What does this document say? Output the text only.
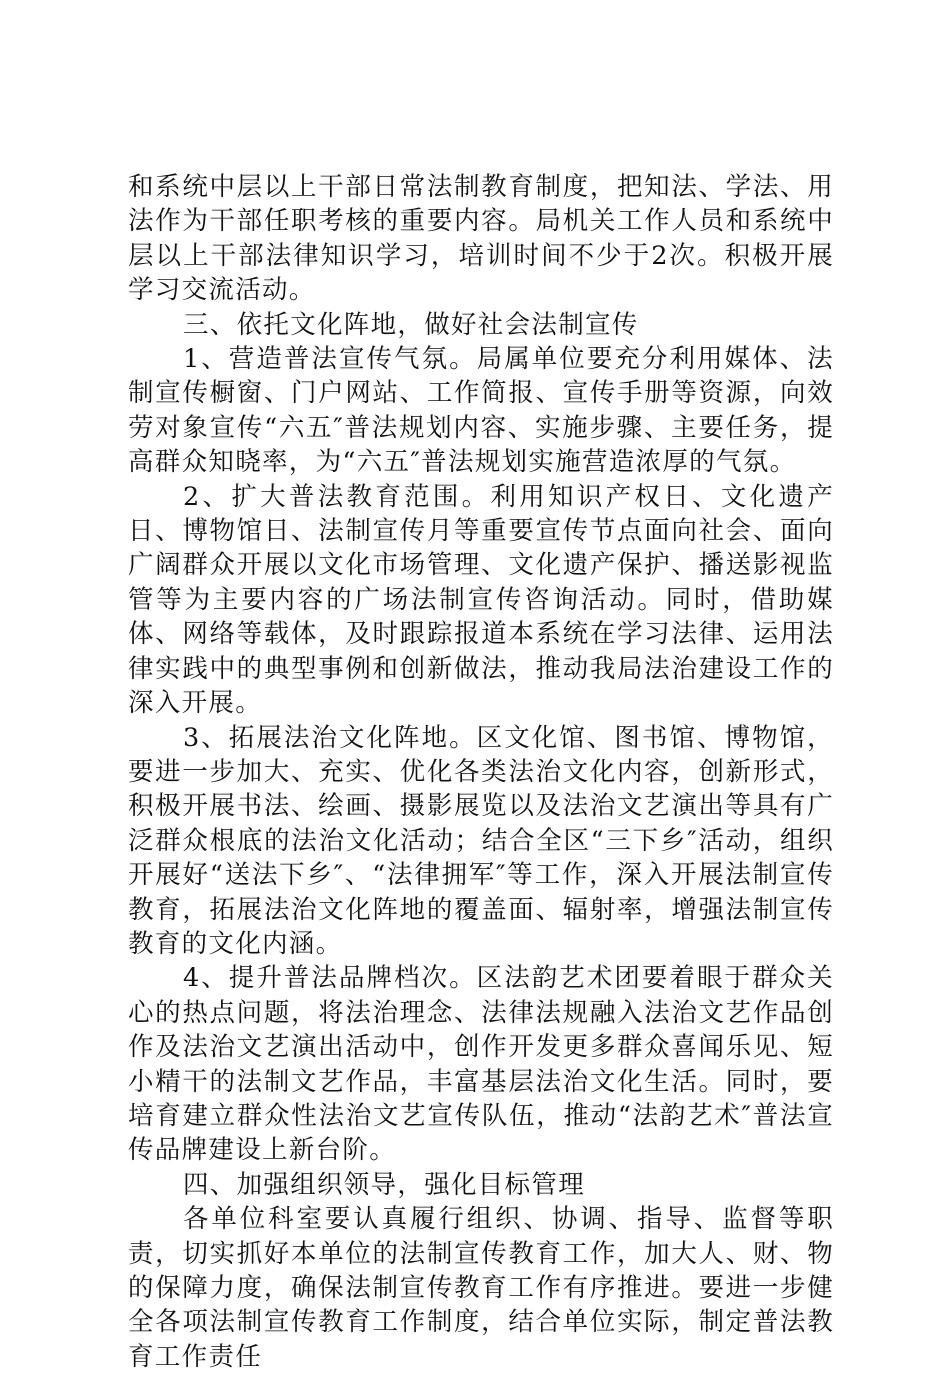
和系统中层以上干部日常法制教育制度，把知法、学法、用法作为干部任职考核的重要内容。局机关工作人员和系统中层以上干部法律知识学习，培训时间不少于2次。积极开展学习交流活动。

三、依托文化阵地，做好社会法制宣传

1、营造普法宣传气氛。局属单位要充分利用媒体、法制宣传橱窗、门户网站、工作简报、宣传手册等资源，向效劳对象宣传“六五″普法规划内容、实施步骤、主要任务，提高群众知晓率，为“六五″普法规划实施营造浓厚的气氛。

2、扩大普法教育范围。利用知识产权日、文化遗产日、博物馆日、法制宣传月等重要宣传节点面向社会、面向广阔群众开展以文化市场管理、文化遗产保护、播送影视监管等为主要内容的广场法制宣传咨询活动。同时，借助媒体、网络等载体，及时跟踪报道本系统在学习法律、运用法律实践中的典型事例和创新做法，推动我局法治建设工作的深入开展。

3、拓展法治文化阵地。区文化馆、图书馆、博物馆，要进一步加大、充实、优化各类法治文化内容，创新形式，积极开展书法、绘画、摄影展览以及法治文艺演出等具有广泛群众根底的法治文化活动；结合全区“三下乡″活动，组织开展好“送法下乡″、“法律拥军″等工作，深入开展法制宣传教育，拓展法治文化阵地的覆盖面、辐射率，增强法制宣传教育的文化内涵。

4、提升普法品牌档次。区法韵艺术团要着眼于群众关心的热点问题，将法治理念、法律法规融入法治文艺作品创作及法治文艺演出活动中，创作开发更多群众喜闻乐见、短小精干的法制文艺作品，丰富基层法治文化生活。同时，要培育建立群众性法治文艺宣传队伍，推动“法韵艺术″普法宣传品牌建设上新台阶。

四、加强组织领导，强化目标管理

各单位科室要认真履行组织、协调、指导、监督等职责，切实抓好本单位的法制宣传教育工作，加大人、财、物的保障力度，确保法制宣传教育工作有序推进。要进一步健全各项法制宣传教育工作制度，结合单位实际，制定普法教育工作责任
